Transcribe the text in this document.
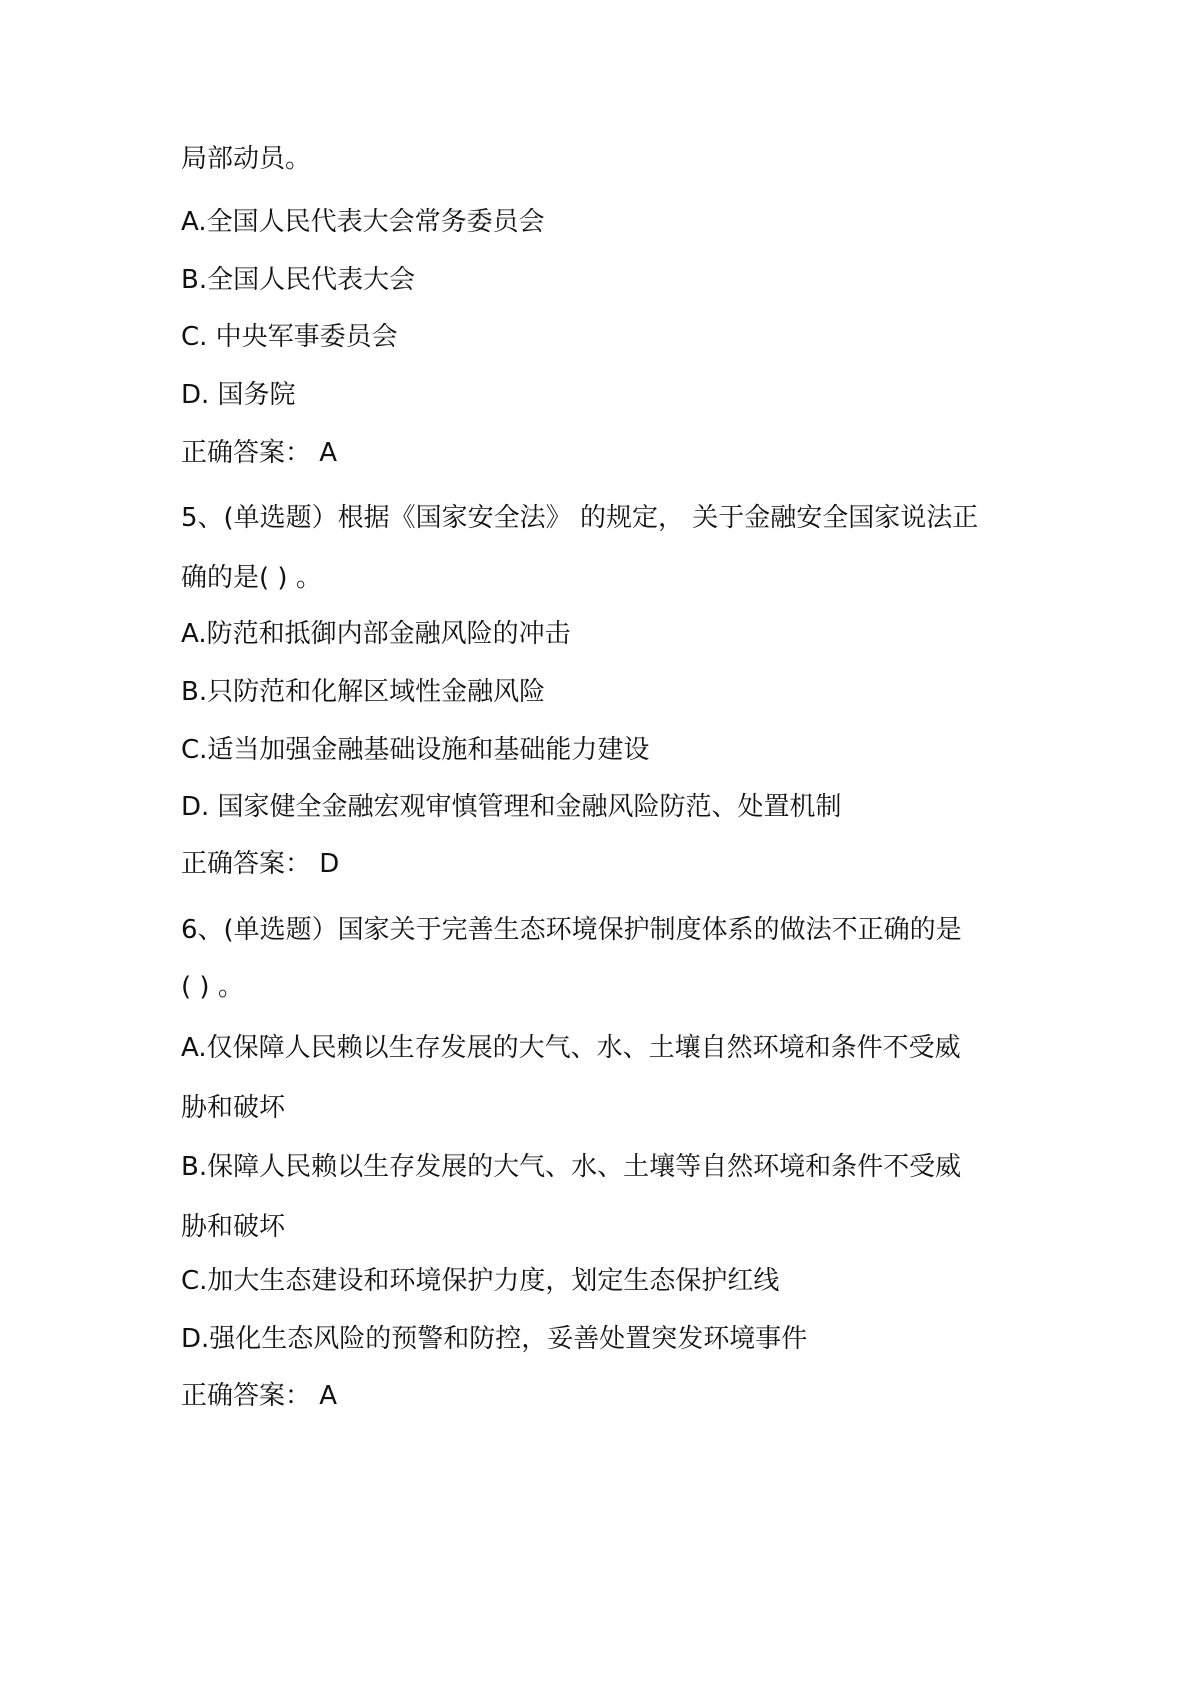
局部动员。
A.全国人民代表大会常务委员会
B.全国人民代表大会
C. 中央军事委员会
D. 国务院
正确答案： A
5、(单选题）根据《国家安全法》 的规定， 关于金融安全国家说法正
确的是( ) 。
A.防范和抵御内部金融风险的冲击
B.只防范和化解区域性金融风险
C.适当加强金融基础设施和基础能力建设
D. 国家健全金融宏观审慎管理和金融风险防范、处置机制
正确答案： D
6、(单选题）国家关于完善生态环境保护制度体系的做法不正确的是
( ) 。
A.仅保障人民赖以生存发展的大气、水、土壤自然环境和条件不受威
胁和破坏
B.保障人民赖以生存发展的大气、水、土壤等自然环境和条件不受威
胁和破坏
C.加大生态建设和环境保护力度，划定生态保护红线
D.强化生态风险的预警和防控，妥善处置突发环境事件
正确答案： A
